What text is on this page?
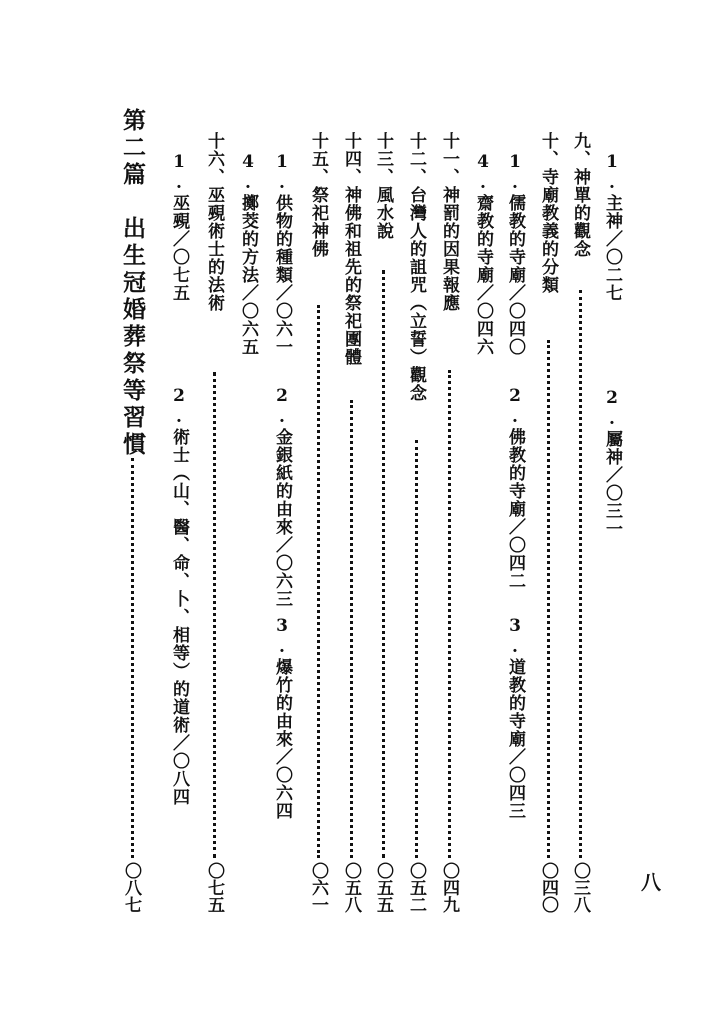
八
1.主神／〇二七
2.屬神／〇三一
九、神單的觀念
〇三八
十、寺廟教義的分類
〇四〇
1.儒教的寺廟／〇四〇
2.佛教的寺廟／〇四二
3.道教的寺廟／〇四三
4.齋教的寺廟／〇四六
十一、神罰的因果報應
〇四九
十二、台灣人的詛咒（立誓）觀念
〇五二
十三、風水說
〇五五
十四、神佛和祖先的祭祀團體
〇五八
十五、祭祀神佛
〇六一
1.供物的種類／〇六一
2.金銀紙的由來／〇六三
3.爆竹的由來／〇六四
4.擲茭的方法／〇六五
十六、巫覡術士的法術
〇七五
1.巫覡／〇七五
2.術士（山、醫、命、卜、相等）的道術／〇八四
第二篇　出生冠婚葬祭等習慣
〇八七
